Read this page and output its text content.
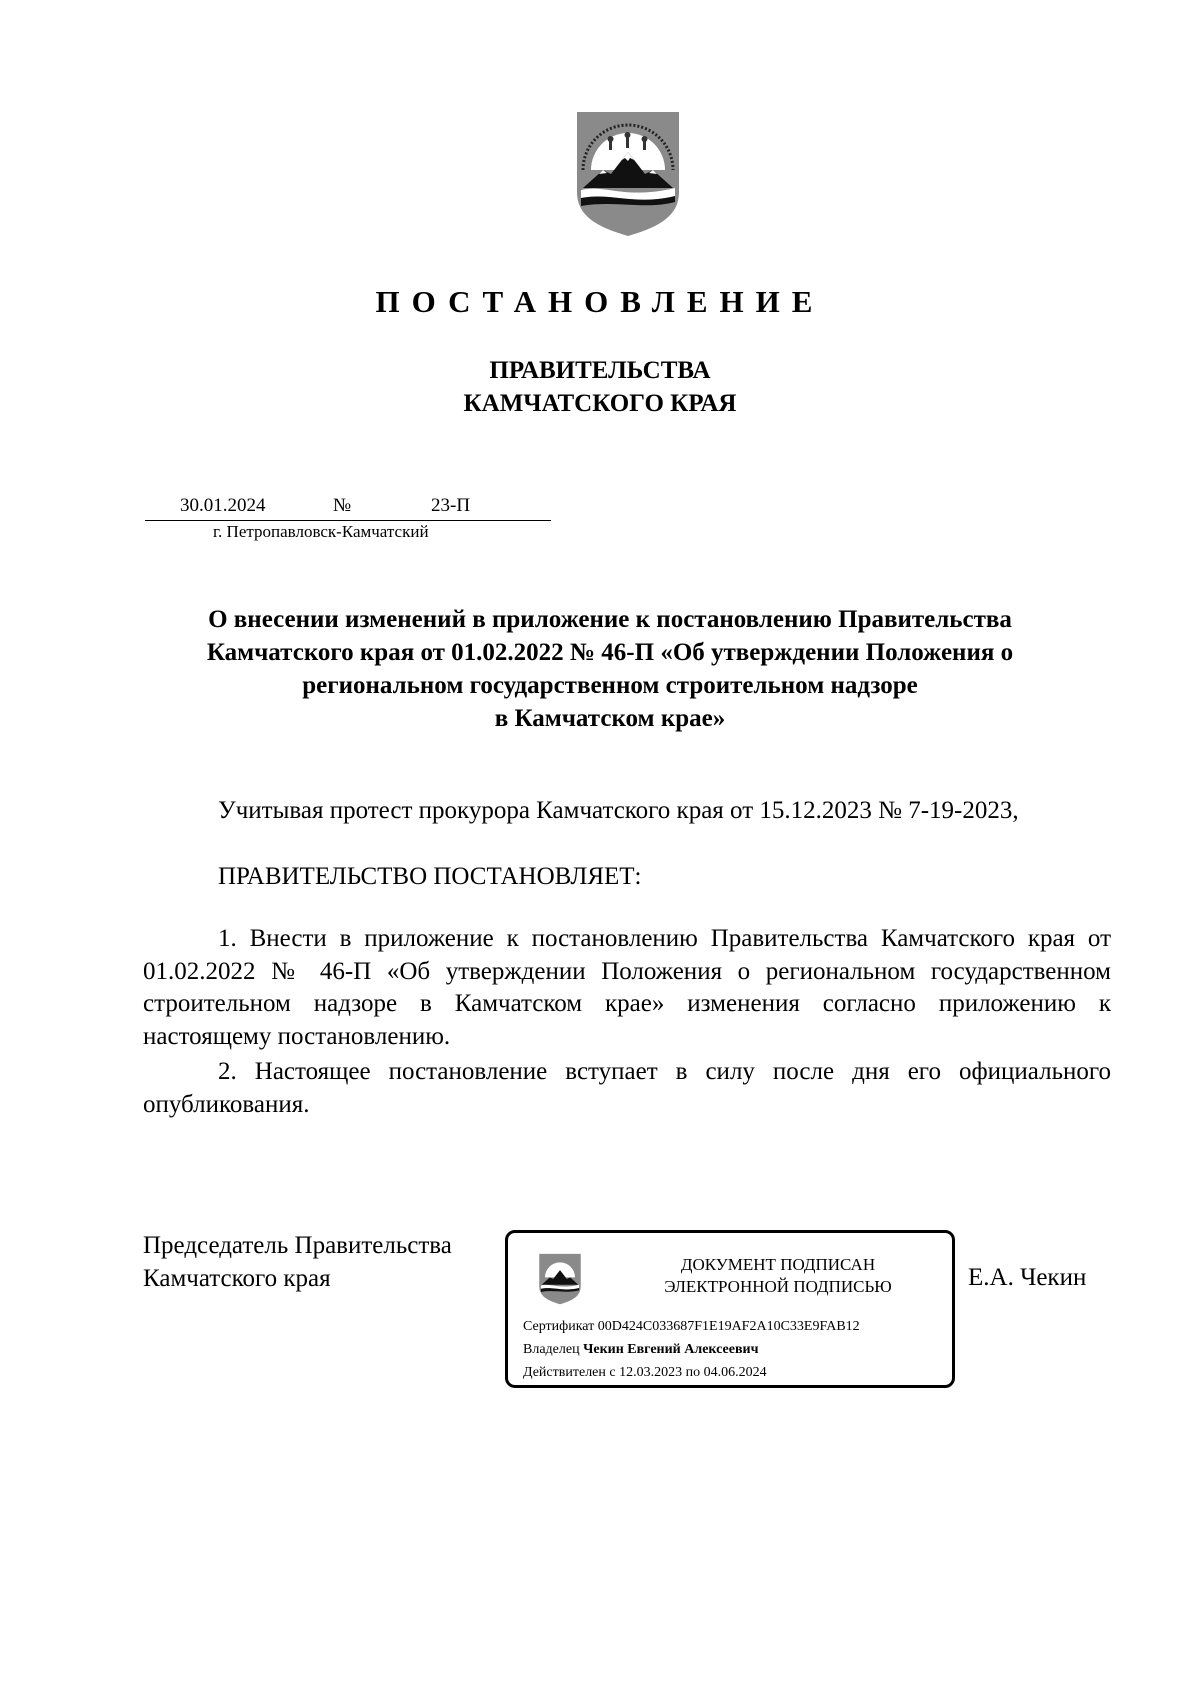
ПОСТАНОВЛЕНИЕ
ПРАВИТЕЛЬСТВА
КАМЧАТСКОГО КРАЯ
30.01.2024	№	23-П
г. Петропавловск-Камчатский
О внесении изменений в приложение к постановлению Правительства
Камчатского края от 01.02.2022 № 46-П «Об утверждении Положения о
региональном государственном строительном надзоре
в Камчатском крае»
Учитывая протест прокурора Камчатского края от 15.12.2023 № 7-19-2023,
ПРАВИТЕЛЬСТВО ПОСТАНОВЛЯЕТ:
1. Внести в приложение к постановлению Правительства Камчатского края от 01.02.2022 № 46-П «Об утверждении Положения о региональном государственном строительном надзоре в Камчатском крае» изменения согласно приложению к настоящему постановлению.
2. Настоящее постановление вступает в силу после дня его официального опубликования.
Председатель Правительства
Камчатского края	ДОКУМЕНТ ПОДПИСАН
ЭЛЕКТРОННОЙ ПОДПИСЬЮ
Сертификат 00D424C033687F1E19AF2A10C33E9FAB12
Владелец Чекин Евгений Алексеевич
Действителен с 12.03.2023 по 04.06.2024
Е.А. Чекин
